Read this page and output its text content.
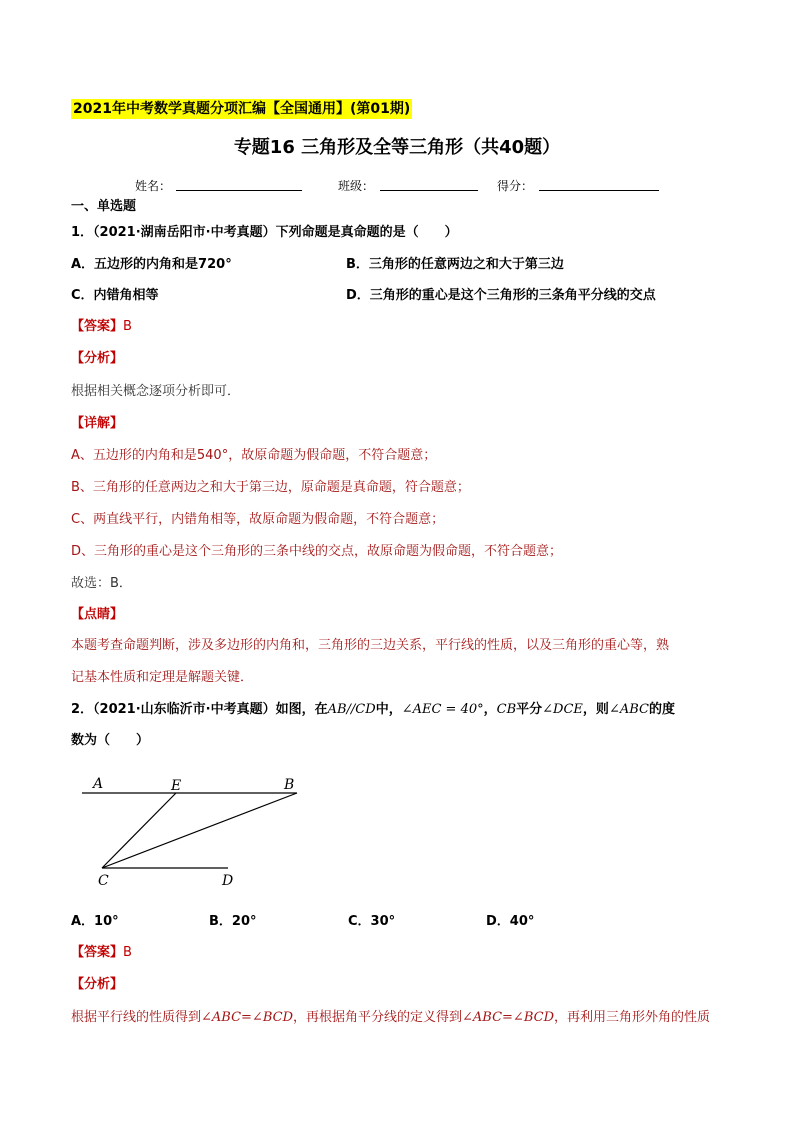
2021年中考数学真题分项汇编【全国通用】(第01期)
专题16 三角形及全等三角形（共40题）
姓名：	班级：	得分：
一、单选题
1．（2021·湖南岳阳市·中考真题）下列命题是真命题的是（　　）
A．五边形的内角和是720°	B．三角形的任意两边之和大于第三边
C．内错角相等	D．三角形的重心是这个三角形的三条角平分线的交点
【答案】B
【分析】
根据相关概念逐项分析即可．
【详解】
A、五边形的内角和是540°，故原命题为假命题，不符合题意；
B、三角形的任意两边之和大于第三边，原命题是真命题，符合题意；
C、两直线平行，内错角相等，故原命题为假命题，不符合题意；
D、三角形的重心是这个三角形的三条中线的交点，故原命题为假命题，不符合题意；
故选：B．
【点睛】
本题考查命题判断，涉及多边形的内角和，三角形的三边关系，平行线的性质，以及三角形的重心等，熟
记基本性质和定理是解题关键．
2．（2021·山东临沂市·中考真题）如图，在AB//CD中，∠AEC = 40°，CB平分∠DCE，则∠ABC的度
数为（　　）
A	E	B
C	D
A．10°	B．20°	C．30°	D．40°
【答案】B
【分析】
根据平行线的性质得到∠ABC=∠BCD，再根据角平分线的定义得到∠ABC=∠BCD，再利用三角形外角的性质
